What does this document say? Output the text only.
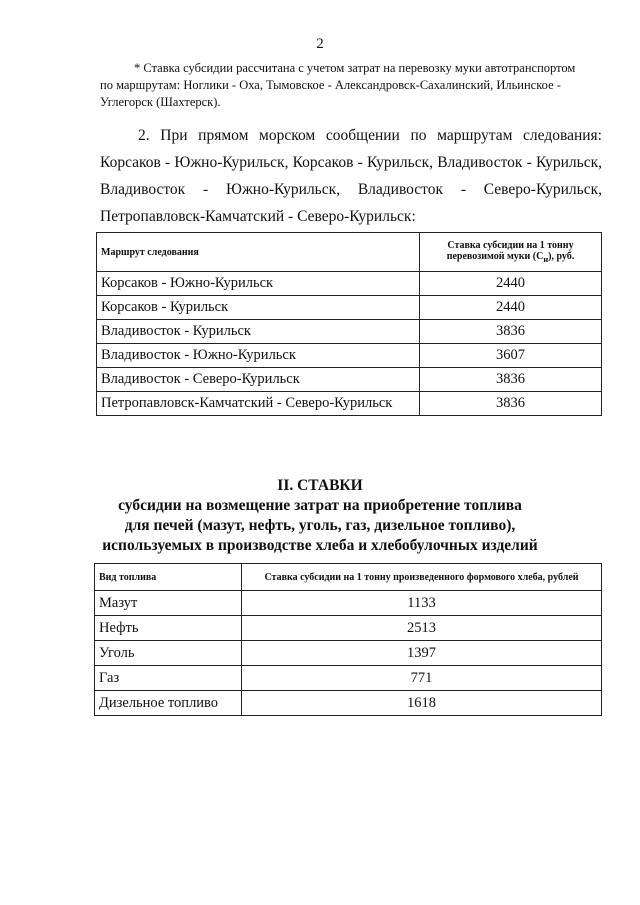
2
* Ставка субсидии рассчитана с учетом затрат на перевозку муки автотранспортом
по маршрутам: Ноглики - Оха, Тымовское - Александровск-Сахалинский, Ильинское -
Углегорск (Шахтерск).
2. При прямом морском сообщении по маршрутам следования:
Корсаков - Южно-Курильск, Корсаков - Курильск, Владивосток - Курильск,
Владивосток - Южно-Курильск, Владивосток - Северо-Курильск,
Петропавловск-Камчатский - Северо-Курильск:
Маршрут следования	Ставка субсидии на 1 тонну
перевозимой муки $(С_н)$, руб.
Корсаков - Южно-Курильск	2440
Корсаков - Курильск	2440
Владивосток - Курильск	3836
Владивосток - Южно-Курильск	3607
Владивосток - Северо-Курильск	3836
Петропавловск-Камчатский - Северо-Курильск	3836
II. СТАВКИ
субсидии на возмещение затрат на приобретение топлива
для печей (мазут, нефть, уголь, газ, дизельное топливо),
используемых в производстве хлеба и хлебобулочных изделий
Вид топлива	Ставка субсидии на 1 тонну произведенного формового хлеба, рублей
Мазут	1133
Нефть	2513
Уголь	1397
Газ	771
Дизельное топливо	1618
